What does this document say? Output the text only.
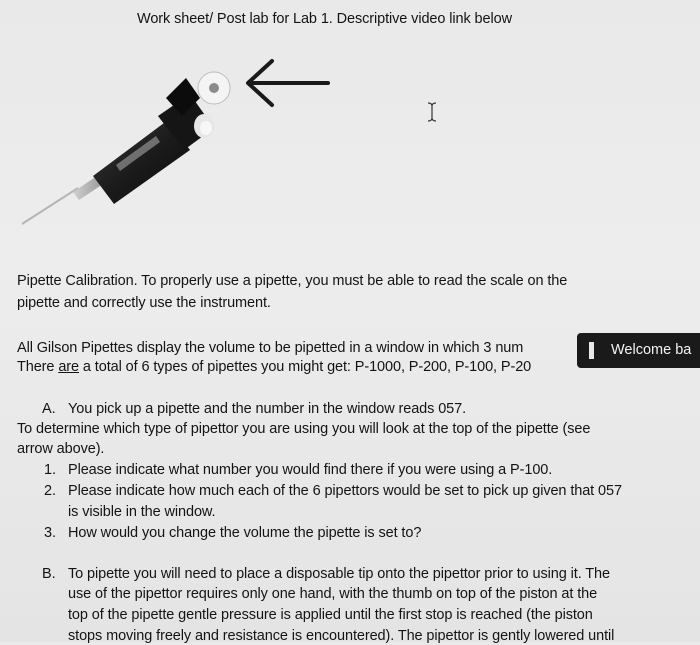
Work sheet/ Post lab for Lab 1. Descriptive video link below
Pipette Calibration. To properly use a pipette, you must be able to read the scale on the
pipette and correctly use the instrument.
All Gilson Pipettes display the volume to be pipetted in a window in which 3 num
There are a total of 6 types of pipettes you might get: P-1000, P-200, P-100, P-20
Welcome ba
A. You pick up a pipette and the number in the window reads 057.
To determine which type of pipettor you are using you will look at the top of the pipette (see
arrow above).
1. Please indicate what number you would find there if you were using a P-100.
2. Please indicate how much each of the 6 pipettors would be set to pick up given that 057
is visible in the window.
3. How would you change the volume the pipette is set to?
B. To pipette you will need to place a disposable tip onto the pipettor prior to using it. The
use of the pipettor requires only one hand, with the thumb on top of the piston at the
top of the pipette gentle pressure is applied until the first stop is reached (the piston
stops moving freely and resistance is encountered). The pipettor is gently lowered until
